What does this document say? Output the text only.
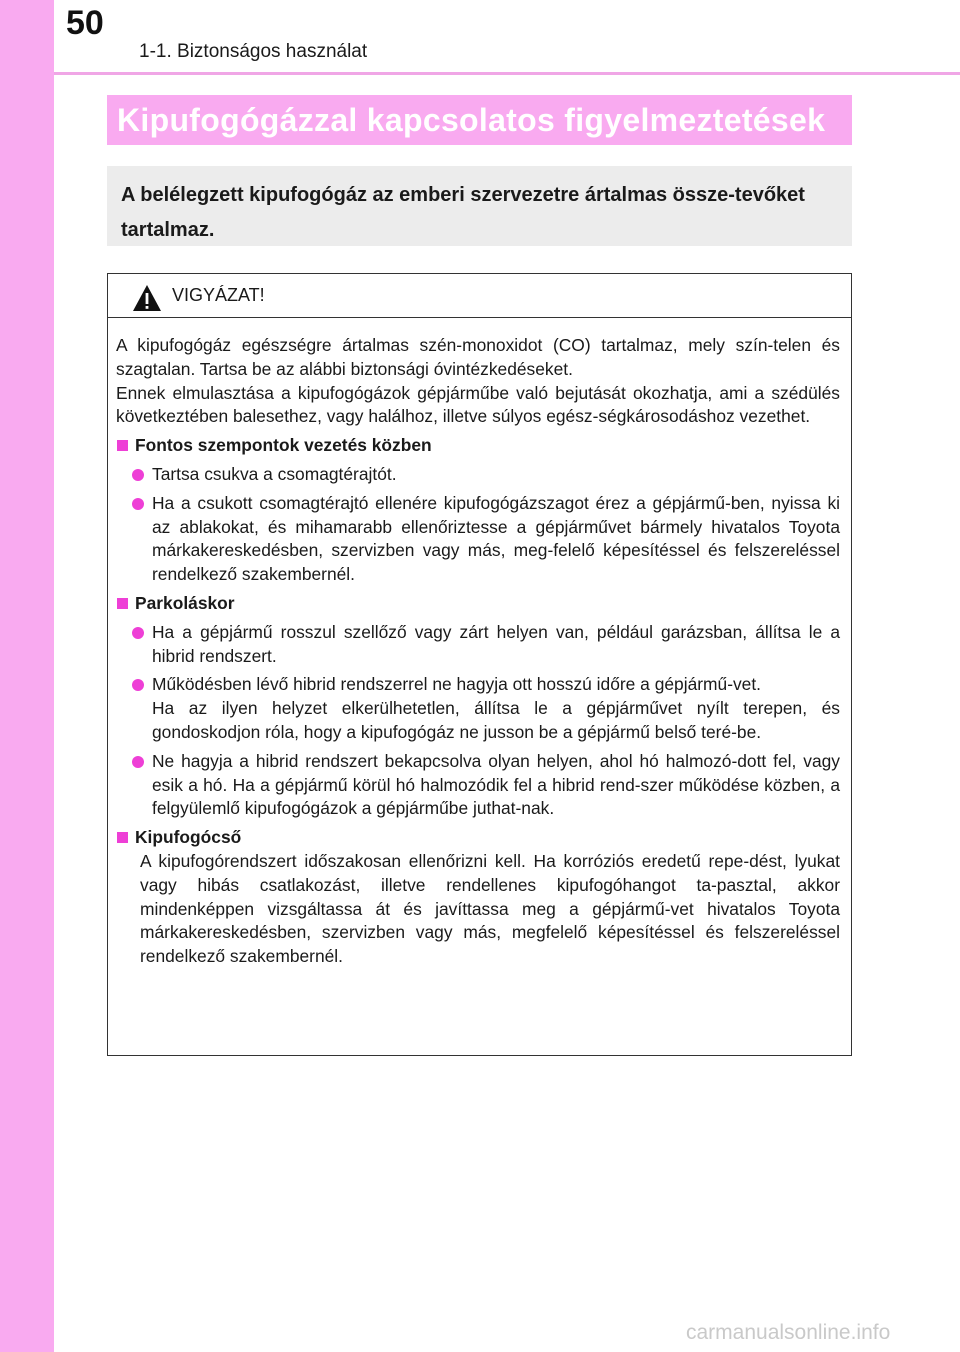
50
1-1. Biztonságos használat
Kipufogógázzal kapcsolatos figyelmeztetések
A belélegzett kipufogógáz az emberi szervezetre ártalmas össze-tevőket tartalmaz.
VIGYÁZAT!
A kipufogógáz egészségre ártalmas szén-monoxidot (CO) tartalmaz, mely szín-telen és szagtalan. Tartsa be az alábbi biztonsági óvintézkedéseket.
Ennek elmulasztása a kipufogógázok gépjárműbe való bejutását okozhatja, ami a szédülés következtében balesethez, vagy halálhoz, illetve súlyos egész-ségkárosodáshoz vezethet.
Fontos szempontok vezetés közben
Tartsa csukva a csomagtérajtót.
Ha a csukott csomagtérajtó ellenére kipufogógázszagot érez a gépjármű-ben, nyissa ki az ablakokat, és mihamarabb ellenőriztesse a gépjárművet bármely hivatalos Toyota márkakereskedésben, szervizben vagy más, meg-felelő képesítéssel és felszereléssel rendelkező szakembernél.
Parkoláskor
Ha a gépjármű rosszul szellőző vagy zárt helyen van, például garázsban, állítsa le a hibrid rendszert.
Működésben lévő hibrid rendszerrel ne hagyja ott hosszú időre a gépjármű-vet.
Ha az ilyen helyzet elkerülhetetlen, állítsa le a gépjárművet nyílt terepen, és gondoskodjon róla, hogy a kipufogógáz ne jusson be a gépjármű belső teré-be.
Ne hagyja a hibrid rendszert bekapcsolva olyan helyen, ahol hó halmozó-dott fel, vagy esik a hó. Ha a gépjármű körül hó halmozódik fel a hibrid rend-szer működése közben, a felgyülemlő kipufogógázok a gépjárműbe juthat-nak.
Kipufogócső
A kipufogórendszert időszakosan ellenőrizni kell. Ha korróziós eredetű repe-dést, lyukat vagy hibás csatlakozást, illetve rendellenes kipufogóhangot ta-pasztal, akkor mindenképpen vizsgáltassa át és javíttassa meg a gépjármű-vet hivatalos Toyota márkakereskedésben, szervizben vagy más, megfelelő képesítéssel és felszereléssel rendelkező szakembernél.
carmanualsonline.info
